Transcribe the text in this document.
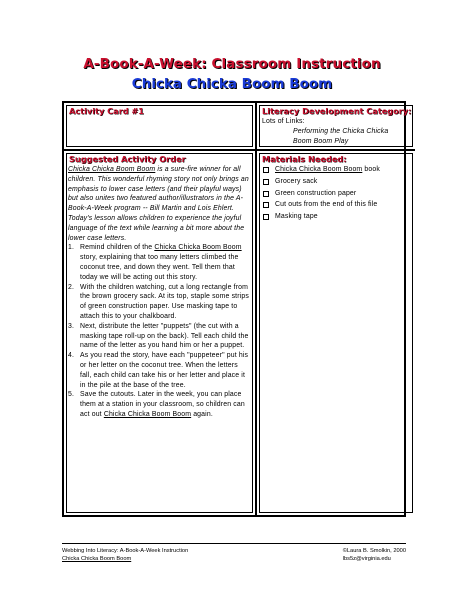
A-Book-A-Week: Classroom Instruction
Chicka Chicka Boom Boom
Activity Card #1	Literacy Development Category:
Lots of Links:
Performing the Chicka Chicka
Boom Boom Play
Suggested Activity Order

Chicka Chicka Boom Boom is a sure-fire winner for all children. This wonderful rhyming story not only brings an emphasis to lower case letters (and their playful ways) but also unites two featured author/illustrators in the A-Book-A-Week program -- Bill Martin and Lois Ehlert. Today's lesson allows children to experience the joyful language of the text while learning a bit more about the lower case letters.

1. Remind children of the Chicka Chicka Boom Boom story, explaining that too many letters climbed the coconut tree, and down they went. Tell them that today we will be acting out this story.
2. With the children watching, cut a long rectangle from the brown grocery sack. At its top, staple some strips of green construction paper. Use masking tape to attach this to your chalkboard.
3. Next, distribute the letter "puppets" (the cut with a masking tape roll-up on the back). Tell each child the name of the letter as you hand him or her a puppet.
4. As you read the story, have each "puppeteer" put his or her letter on the coconut tree. When the letters fall, each child can take his or her letter and place it in the pile at the base of the tree.
5. Save the cutouts. Later in the week, you can place them at a station in your classroom, so children can act out Chicka Chicka Boom Boom again.
Materials Needed:
Chicka Chicka Boom Boom book
Grocery sack
Green construction paper
Cut outs from the end of this file
Masking tape
Webbing Into Literacy: A-Book-A-Week Instruction
Chicka Chicka Boom Boom
©Laura B. Smolkin, 2000
lbs5z@virginia.edu
